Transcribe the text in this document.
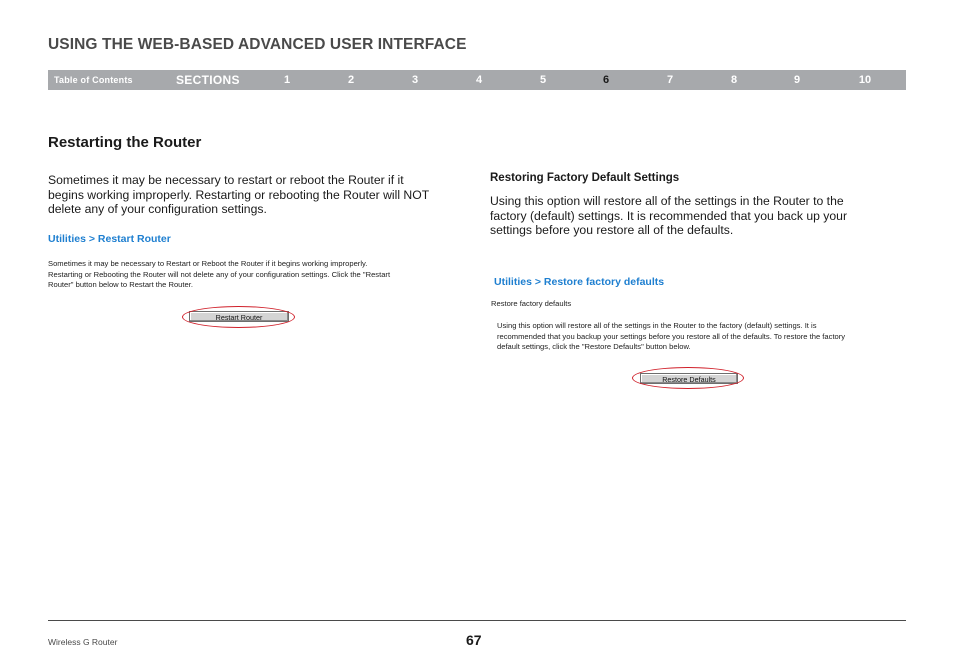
USING THE WEB-BASED ADVANCED USER INTERFACE
Table of Contents	SECTIONS	1	2	3	4	5	6	7	8	9	10
Restarting the Router
Sometimes it may be necessary to restart or reboot the Router if it
begins working improperly. Restarting or rebooting the Router will NOT
delete any of your configuration settings.
Utilities > Restart Router
Sometimes it may be necessary to Restart or Reboot the Router if it begins working improperly.
Restarting or Rebooting the Router will not delete any of your configuration settings. Click the "Restart
Router" button below to Restart the Router.
Restart Router
Restoring Factory Default Settings
Using this option will restore all of the settings in the Router to the
factory (default) settings. It is recommended that you back up your
settings before you restore all of the defaults.
Utilities > Restore factory defaults
Restore factory defaults
Using this option will restore all of the settings in the Router to the factory (default) settings. It is
recommended that you backup your settings before you restore all of the defaults. To restore the factory
default settings, click the "Restore Defaults" button below.
Restore Defaults
Wireless G Router	67
